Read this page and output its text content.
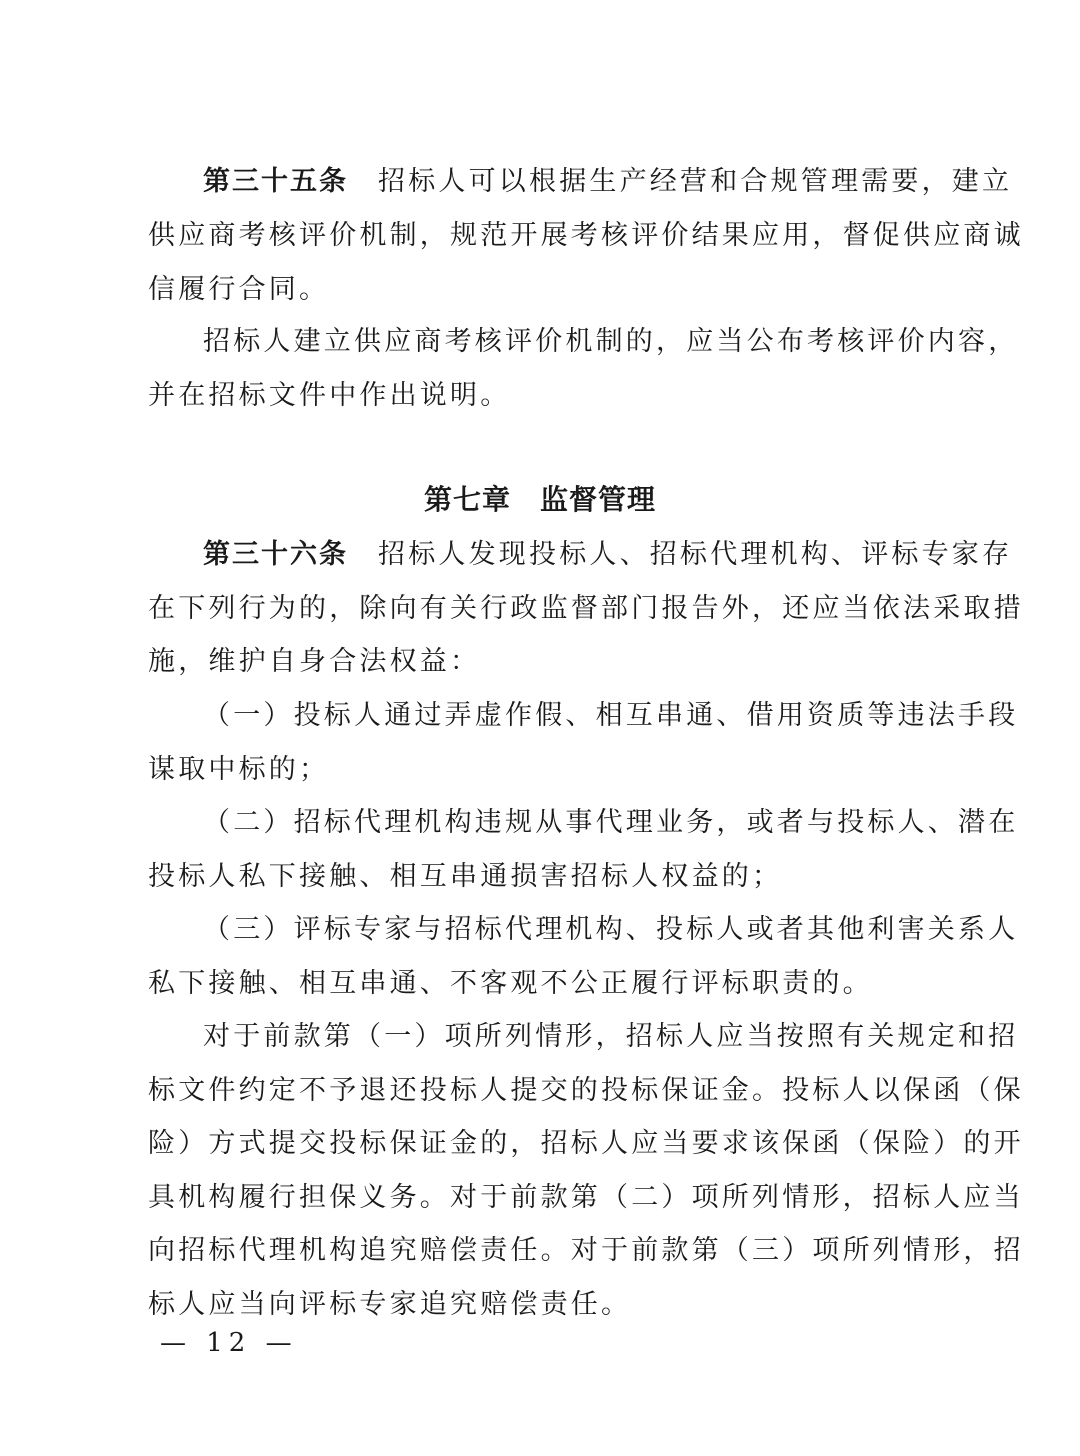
第三十五条 招标人可以根据生产经营和合规管理需要，建立
供应商考核评价机制，规范开展考核评价结果应用，督促供应商诚
信履行合同。
招标人建立供应商考核评价机制的，应当公布考核评价内容，
并在招标文件中作出说明。
第七章　监督管理
第三十六条 招标人发现投标人、招标代理机构、评标专家存
在下列行为的，除向有关行政监督部门报告外，还应当依法采取措
施，维护自身合法权益：
（一）投标人通过弄虚作假、相互串通、借用资质等违法手段
谋取中标的；
（二）招标代理机构违规从事代理业务，或者与投标人、潜在
投标人私下接触、相互串通损害招标人权益的；
（三）评标专家与招标代理机构、投标人或者其他利害关系人
私下接触、相互串通、不客观不公正履行评标职责的。
对于前款第（一）项所列情形，招标人应当按照有关规定和招
标文件约定不予退还投标人提交的投标保证金。投标人以保函（保
险）方式提交投标保证金的，招标人应当要求该保函（保险）的开
具机构履行担保义务。对于前款第（二）项所列情形，招标人应当
向招标代理机构追究赔偿责任。对于前款第（三）项所列情形，招
标人应当向评标专家追究赔偿责任。
— 12 —
